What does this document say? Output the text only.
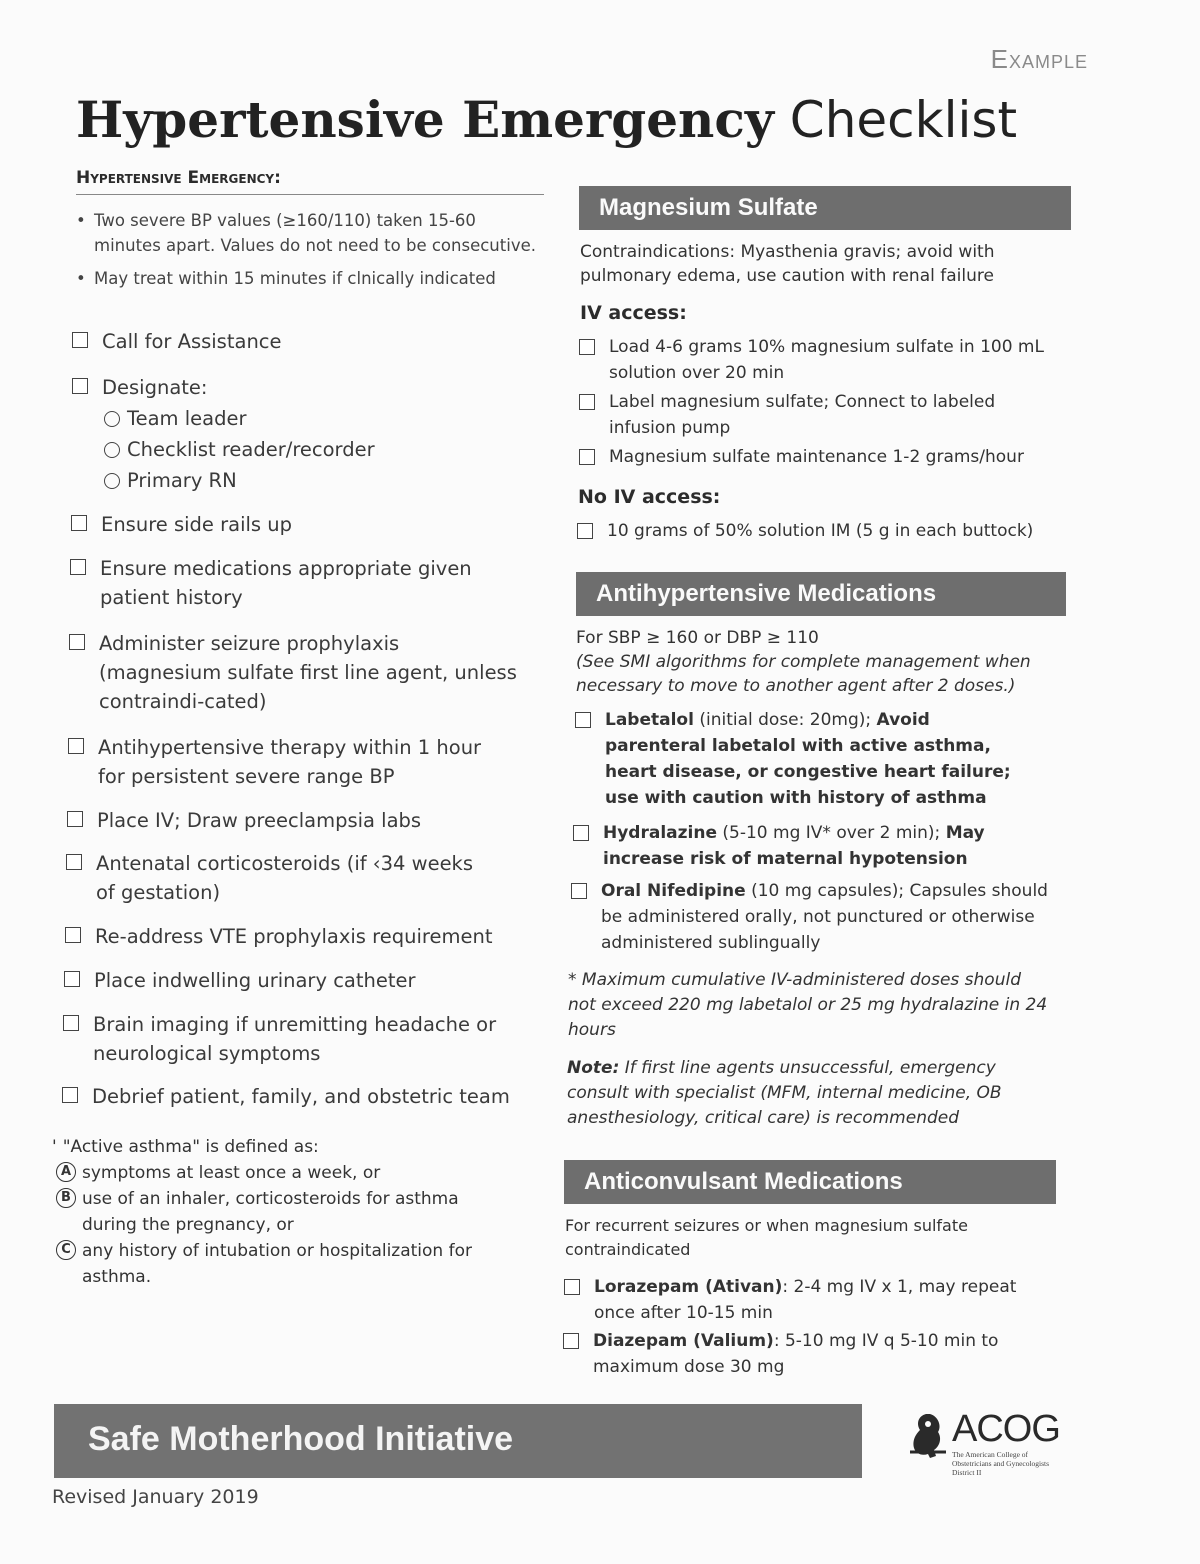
Example
Hypertensive Emergency Checklist
Hypertensive Emergency:
• Two severe BP values (≥160/110) taken 15-60 minutes apart. Values do not need to be consecutive.
• May treat within 15 minutes if clnically indicated
Call for Assistance
Designate:
Team leader
Checklist reader/recorder
Primary RN
Ensure side rails up
Ensure medications appropriate given patient history
Administer seizure prophylaxis (magnesium sulfate first line agent, unless contraindi-cated)
Antihypertensive therapy within 1 hour for persistent severe range BP
Place IV; Draw preeclampsia labs
Antenatal corticosteroids (if ‹34 weeks of gestation)
Re-address VTE prophylaxis requirement
Place indwelling urinary catheter
Brain imaging if unremitting headache or neurological symptoms
Debrief patient, family, and obstetric team
' "Active asthma" is defined as:
A symptoms at least once a week, or
B use of an inhaler, corticosteroids for asthma during the pregnancy, or
C any history of intubation or hospitalization for asthma.
Magnesium Sulfate
Contraindications: Myasthenia gravis; avoid with pulmonary edema, use caution with renal failure
IV access:
Load 4-6 grams 10% magnesium sulfate in 100 mL solution over 20 min
Label magnesium sulfate; Connect to labeled infusion pump
Magnesium sulfate maintenance 1-2 grams/hour
No IV access:
10 grams of 50% solution IM (5 g in each buttock)
Antihypertensive Medications
For SBP ≥ 160 or DBP ≥ 110
(See SMI algorithms for complete management when necessary to move to another agent after 2 doses.)
Labetalol (initial dose: 20mg); Avoid parenteral labetalol with active asthma, heart disease, or congestive heart failure; use with caution with history of asthma
Hydralazine (5-10 mg IV* over 2 min); May increase risk of maternal hypotension
Oral Nifedipine (10 mg capsules); Capsules should be administered orally, not punctured or otherwise administered sublingually
* Maximum cumulative IV-administered doses should not exceed 220 mg labetalol or 25 mg hydralazine in 24 hours
Note: If first line agents unsuccessful, emergency consult with specialist (MFM, internal medicine, OB anesthesiology, critical care) is recommended
Anticonvulsant Medications
For recurrent seizures or when magnesium sulfate contraindicated
Lorazepam (Ativan): 2-4 mg IV x 1, may repeat once after 10-15 min
Diazepam (Valium): 5-10 mg IV q 5-10 min to maximum dose 30 mg
Safe Motherhood Initiative
Revised January 2019
ACOG
The American College of
Obstetricians and Gynecologists
District II
